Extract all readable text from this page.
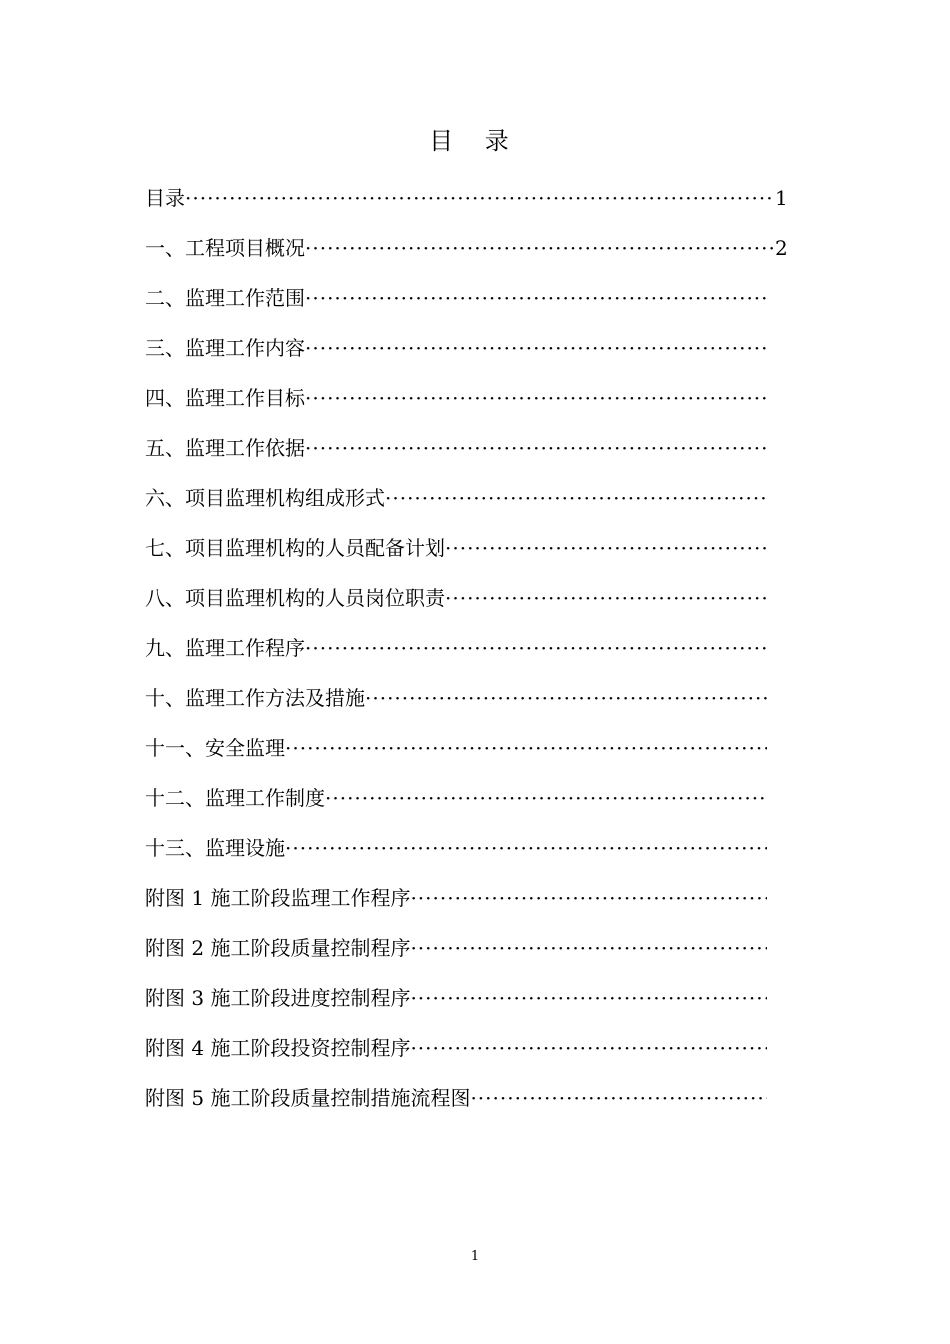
目 录
目录 ·····	1
一、工程项目概况 ·····	2
二、监理工作范围
·····
三、监理工作内容
·····
四、监理工作目标
·····
五、监理工作依据
·····
六、项目监理机构组成形式
·····
七、项目监理机构的人员配备计划
·····
八、项目监理机构的人员岗位职责
·····
九、监理工作程序
·····
十、监理工作方法及措施
·····
十一、安全监理
·····
十二、监理工作制度
·····
十三、监理设施
·····
附图 1 施工阶段监理工作程序
·····
附图 2 施工阶段质量控制程序
·····
附图 3 施工阶段进度控制程序
·····
附图 4 施工阶段投资控制程序
·····
附图 5 施工阶段质量控制措施流程图
·····
1
